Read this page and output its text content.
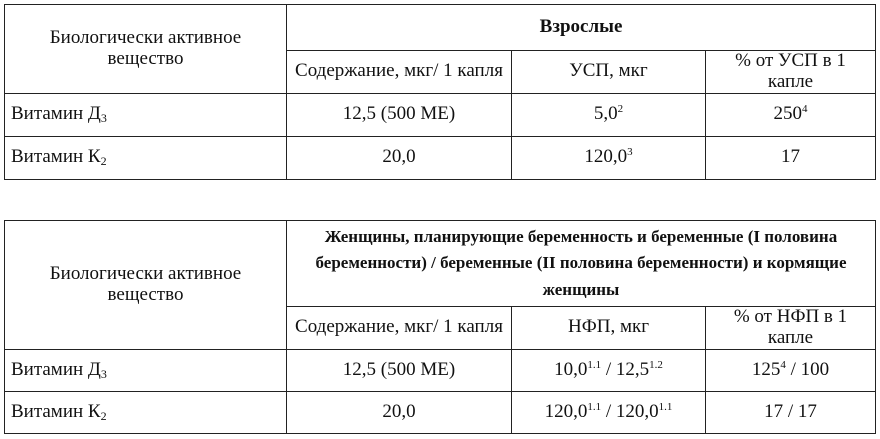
Биологически активное вещество	Взрослые		
	Содержание, мкг/ 1 капля	УСП, мкг	% от УСП в 1 капле
Витамин $Д_3$	12,5 (500 МЕ)	$5,0^2$	$250^4$
Витамин $К_2$	20,0	120,0$^3$	17
Биологически активное вещество	Женщины, планирующие беременность и беременные (I половина беременности) / беременные (II половина беременности) и кормящие женщины		
	Содержание, мкг/ 1 капля	НФП, мкг	% от НФП в 1 капле
Витамин $Д_3$	12,5 (500 МЕ)	$10,0^{1.1} / 12,5^{1.2}$	$125^4 / 100$
Витамин $К_2$	20,0	$120,0^{1.1} / 120,0^{1.1}$	17 / 17
